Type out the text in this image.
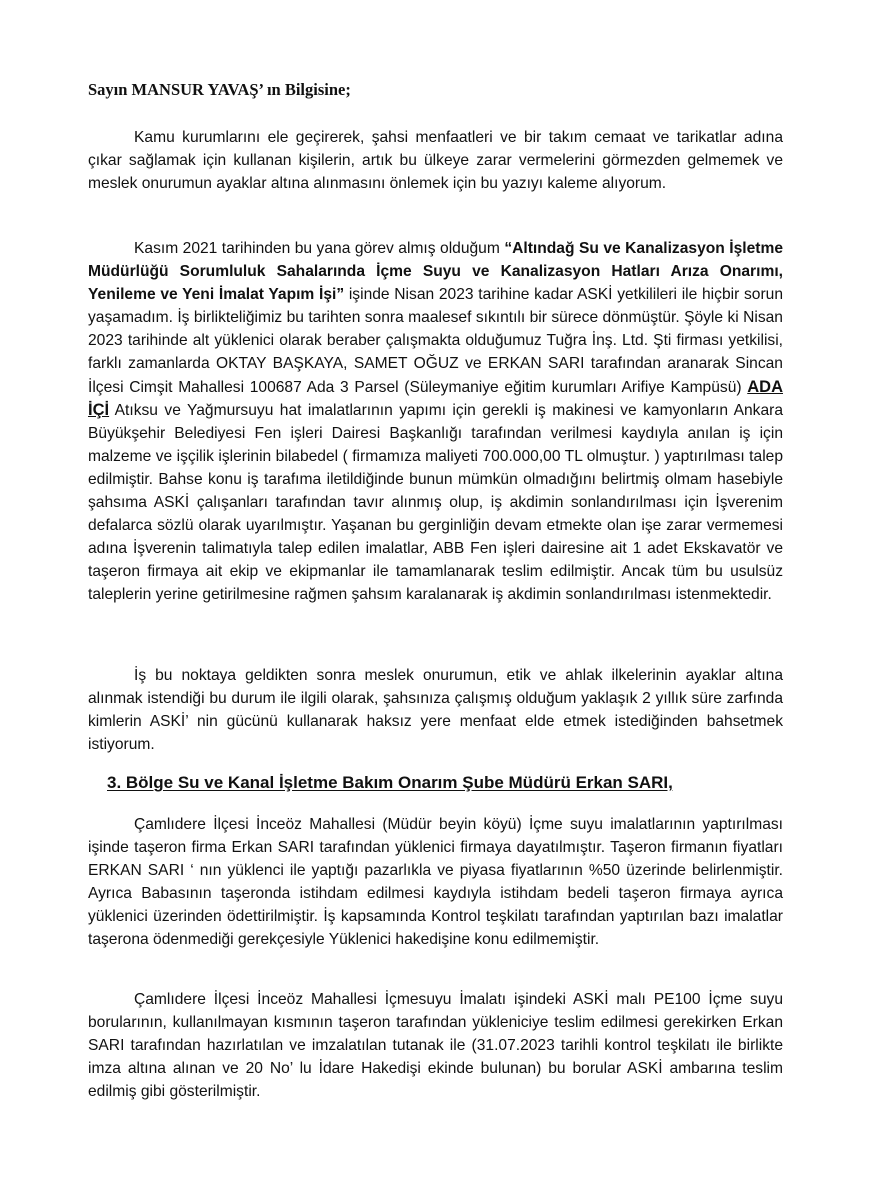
Sayın MANSUR YAVAŞ’ ın Bilgisine;

Kamu kurumlarını ele geçirerek, şahsi menfaatleri ve bir takım cemaat ve tarikatlar adına çıkar sağlamak için kullanan kişilerin, artık bu ülkeye zarar vermelerini görmezden gelmemek ve meslek onurumun ayaklar altına alınmasını önlemek için bu yazıyı kaleme alıyorum.

Kasım 2021 tarihinden bu yana görev almış olduğum “Altındağ Su ve Kanalizasyon İşletme Müdürlüğü Sorumluluk Sahalarında İçme Suyu ve Kanalizasyon Hatları Arıza Onarımı, Yenileme ve Yeni İmalat Yapım İşi” işinde Nisan 2023 tarihine kadar ASKİ yetkilileri ile hiçbir sorun yaşamadım. İş birlikteliğimiz bu tarihten sonra maalesef sıkıntılı bir sürece dönmüştür. Şöyle ki Nisan 2023 tarihinde alt yüklenici olarak beraber çalışmakta olduğumuz Tuğra İnş. Ltd. Şti firması yetkilisi, farklı zamanlarda OKTAY BAŞKAYA, SAMET OĞUZ ve ERKAN SARI tarafından aranarak Sincan İlçesi Cimşit Mahallesi 100687 Ada 3 Parsel (Süleymaniye eğitim kurumları Arifiye Kampüsü) ADA İÇİ Atıksu ve Yağmursuyu hat imalatlarının yapımı için gerekli iş makinesi ve kamyonların Ankara Büyükşehir Belediyesi Fen işleri Dairesi Başkanlığı tarafından verilmesi kaydıyla anılan iş için malzeme ve işçilik işlerinin bilabedel ( firmamıza maliyeti 700.000,00 TL olmuştur. ) yaptırılması talep edilmiştir. Bahse konu iş tarafıma iletildiğinde bunun mümkün olmadığını belirtmiş olmam hasebiyle şahsıma ASKİ çalışanları tarafından tavır alınmış olup, iş akdimin sonlandırılması için İşverenim defalarca sözlü olarak uyarılmıştır. Yaşanan bu gerginliğin devam etmekte olan işe zarar vermemesi adına İşverenin talimatıyla talep edilen imalatlar, ABB Fen işleri dairesine ait 1 adet Ekskavatör ve taşeron firmaya ait ekip ve ekipmanlar ile tamamlanarak teslim edilmiştir. Ancak tüm bu usulsüz taleplerin yerine getirilmesine rağmen şahsım karalanarak iş akdimin sonlandırılması istenmektedir.

İş bu noktaya geldikten sonra meslek onurumun, etik ve ahlak ilkelerinin ayaklar altına alınmak istendiği bu durum ile ilgili olarak, şahsınıza çalışmış olduğum yaklaşık 2 yıllık süre zarfında kimlerin ASKİ’ nin gücünü kullanarak haksız yere menfaat elde etmek istediğinden bahsetmek istiyorum.

3. Bölge Su ve Kanal İşletme Bakım Onarım Şube Müdürü Erkan SARI,

Çamlıdere İlçesi İnceöz Mahallesi (Müdür beyin köyü) İçme suyu imalatlarının yaptırılması işinde taşeron firma Erkan SARI tarafından yüklenici firmaya dayatılmıştır. Taşeron firmanın fiyatları ERKAN SARI ‘ nın yüklenci ile yaptığı pazarlıkla ve piyasa fiyatlarının %50 üzerinde belirlenmiştir. Ayrıca Babasının taşeronda istihdam edilmesi kaydıyla istihdam bedeli taşeron firmaya ayrıca yüklenici üzerinden ödettirilmiştir. İş kapsamında Kontrol teşkilatı tarafından yaptırılan bazı imalatlar taşerona ödenmediği gerekçesiyle Yüklenici hakedişine konu edilmemiştir.

Çamlıdere İlçesi İnceöz Mahallesi İçmesuyu İmalatı işindeki ASKİ malı PE100 İçme suyu borularının, kullanılmayan kısmının taşeron tarafından yükleniciye teslim edilmesi gerekirken Erkan SARI tarafından hazırlatılan ve imzalatılan tutanak ile (31.07.2023 tarihli kontrol teşkilatı ile birlikte imza altına alınan ve 20 No’ lu İdare Hakedişi ekinde bulunan) bu borular ASKİ ambarına teslim edilmiş gibi gösterilmiştir.
